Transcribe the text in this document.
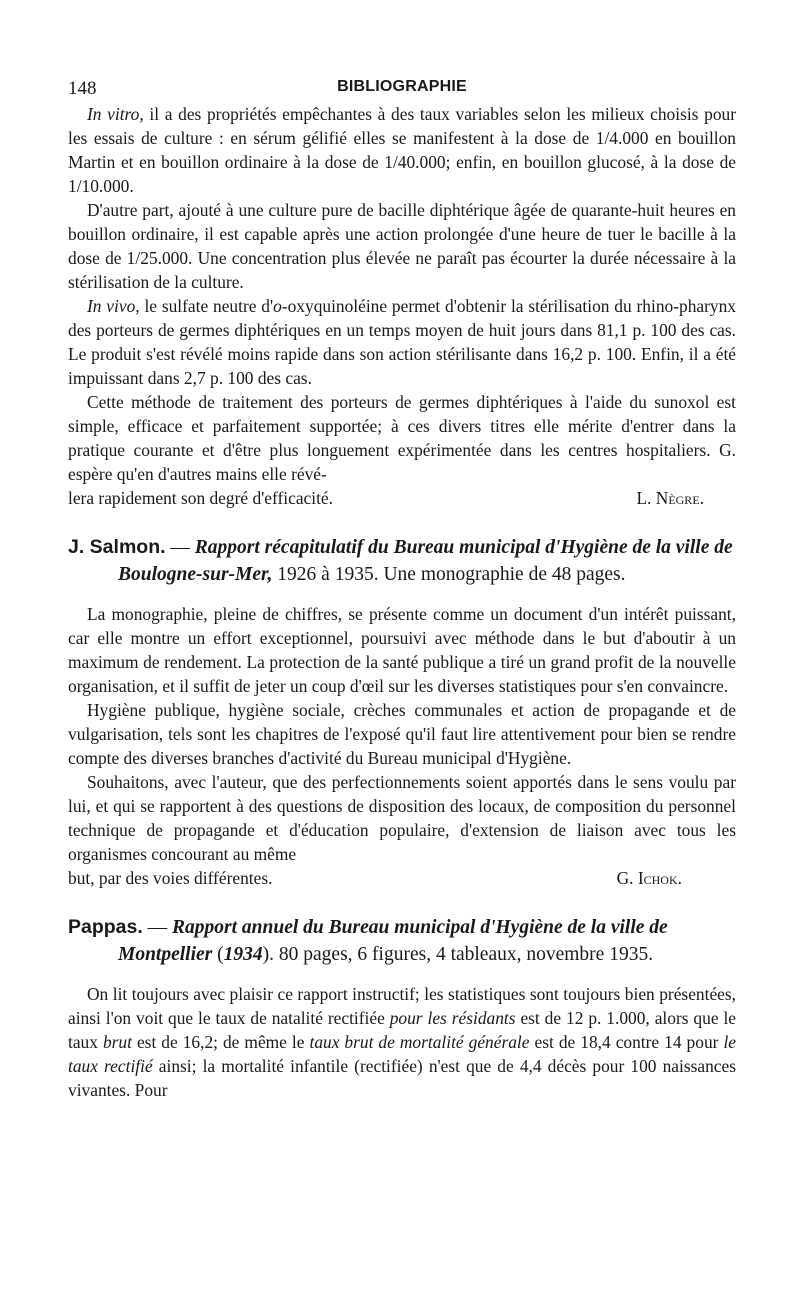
148	BIBLIOGRAPHIE

In vitro, il a des propriétés empêchantes à des taux variables selon les milieux choisis pour les essais de culture : en sérum gélifié elles se manifestent à la dose de 1/4.000 en bouillon Martin et en bouillon ordinaire à la dose de 1/40.000; enfin, en bouillon glucosé, à la dose de 1/10.000.

D'autre part, ajouté à une culture pure de bacille diphtérique âgée de quarante-huit heures en bouillon ordinaire, il est capable après une action prolongée d'une heure de tuer le bacille à la dose de 1/25.000. Une concentration plus élevée ne paraît pas écourter la durée nécessaire à la stérilisation de la culture.

In vivo, le sulfate neutre d'o-oxyquinoléine permet d'obtenir la stérilisation du rhino-pharynx des porteurs de germes diphtériques en un temps moyen de huit jours dans 81,1 p. 100 des cas. Le produit s'est révélé moins rapide dans son action stérilisante dans 16,2 p. 100. Enfin, il a été impuissant dans 2,7 p. 100 des cas.

Cette méthode de traitement des porteurs de germes diphtériques à l'aide du sunoxol est simple, efficace et parfaitement supportée; à ces divers titres elle mérite d'entrer dans la pratique courante et d'être plus longuement expérimentée dans les centres hospitaliers. G. espère qu'en d'autres mains elle révé-

lera rapidement son degré d'efficacité.	L. Nègre.

J. Salmon. — Rapport récapitulatif du Bureau municipal d'Hygiène de la ville de Boulogne-sur-Mer, 1926 à 1935. Une monographie de 48 pages.

La monographie, pleine de chiffres, se présente comme un document d'un intérêt puissant, car elle montre un effort exceptionnel, poursuivi avec méthode dans le but d'aboutir à un maximum de rendement. La protection de la santé publique a tiré un grand profit de la nouvelle organisation, et il suffit de jeter un coup d'œil sur les diverses statistiques pour s'en convaincre.

Hygiène publique, hygiène sociale, crèches communales et action de propagande et de vulgarisation, tels sont les chapitres de l'exposé qu'il faut lire attentivement pour bien se rendre compte des diverses branches d'activité du Bureau municipal d'Hygiène.

Souhaitons, avec l'auteur, que des perfectionnements soient apportés dans le sens voulu par lui, et qui se rapportent à des questions de disposition des locaux, de composition du personnel technique de propagande et d'éducation populaire, d'extension de liaison avec tous les organismes concourant au même

but, par des voies différentes.	G. Ichok.

Pappas. — Rapport annuel du Bureau municipal d'Hygiène de la ville de Montpellier (1934). 80 pages, 6 figures, 4 tableaux, novembre 1935.

On lit toujours avec plaisir ce rapport instructif; les statistiques sont toujours bien présentées, ainsi l'on voit que le taux de natalité rectifiée pour les résidants est de 12 p. 1.000, alors que le taux brut est de 16,2; de même le taux brut de mortalité générale est de 18,4 contre 14 pour le taux rectifié ainsi; la mortalité infantile (rectifiée) n'est que de 4,4 décès pour 100 naissances vivantes. Pour
